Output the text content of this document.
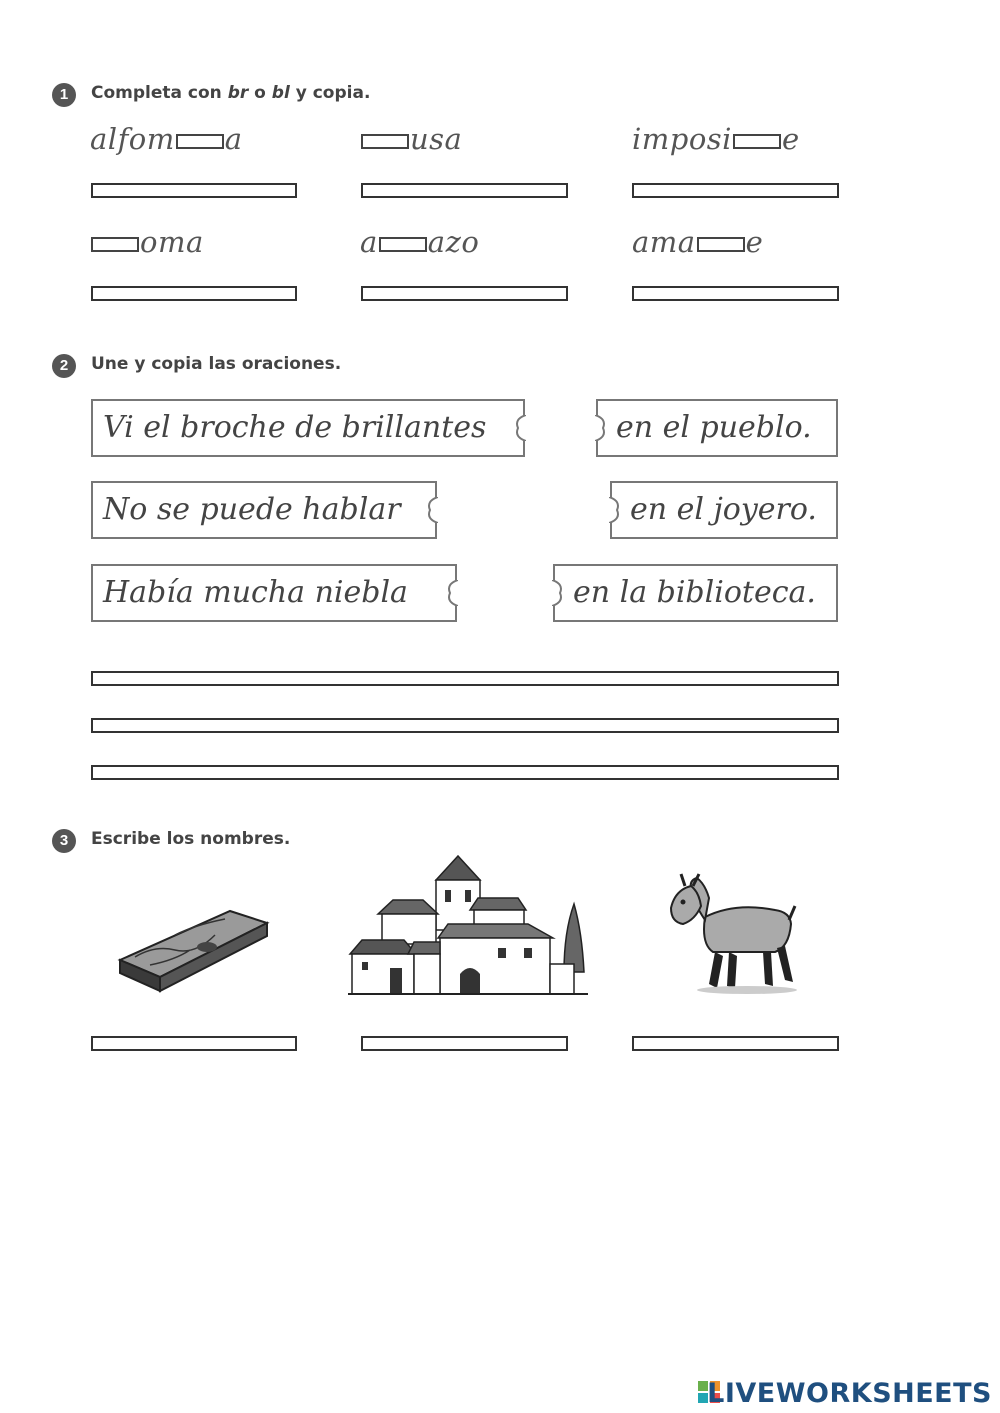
1	Completa con br o bl y copia.
alfom a	usa	imposi e
oma	a azo	ama e
2	Une y copia las oraciones.
Vi el broche de brillantes
No se puede hablar
Había mucha niebla
en el pueblo.
en el joyero.
en la biblioteca.
3	Escribe los nombres.
LIVEWORKSHEETS
